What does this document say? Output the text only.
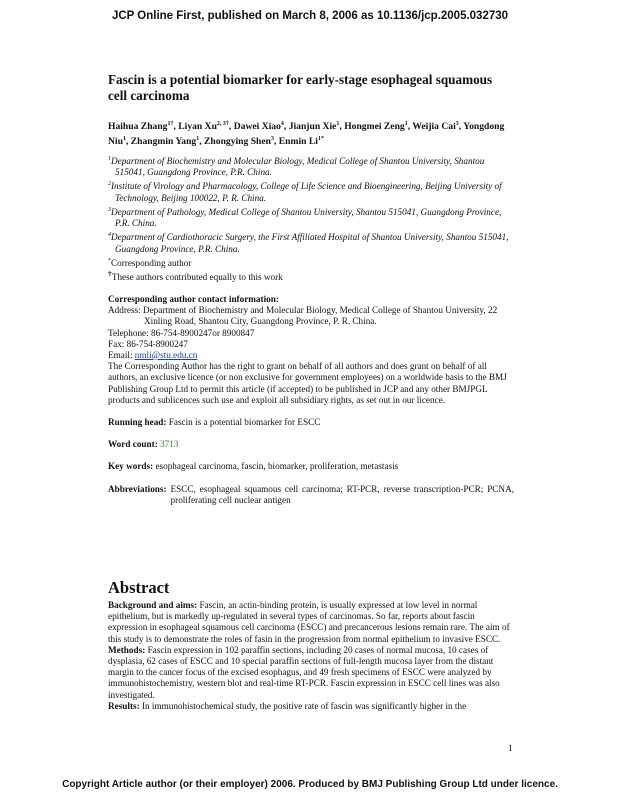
JCP Online First, published on March 8, 2006 as 10.1136/jcp.2005.032730
Fascin is a potential biomarker for early-stage esophageal squamous cell carcinoma
Haihua Zhang$^{1\dagger}$, Liyan $Xu^{2, 3\dagger}$, Dawei Xiao$^4$, Jianjun Xie$^1$, Hongmei Zeng$^1$, Weijia Cai$^3$, Yongdong Niu$^1$, Zhangmin Yang$^1$, Zhongying Shen$^3$, Enmin $Li^{1*}$
$^1$Department of Biochemistry and Molecular Biology, Medical College of Shantou University, Shantou 515041, Guangdong Province, P.R. China.
$^2$Institute of Virology and Pharmacology, College of Life Science and Bioengineering, Beijing University of Technology, Beijing 100022, P. R. China.
$^3$Department of Pathology, Medical College of Shantou University, Shantou 515041, Guangdong Province, P.R. China.
$^4$Department of Cardiothoracic Surgery, the First Affiliated Hospital of Shantou University, Shantou 515041, Guangdong Province, P.R. China.
*Corresponding author
†These authors contributed equally to this work
Corresponding author contact information:
Address: Department of Biochemistry and Molecular Biology, Medical College of Shantou University, 22 Xinling Road, Shantou City, Guangdong Province, P. R. China.
Telephone: 86-754-8900247or 8900847
Fax: 86-754-8900247
Email: nmli@stu.edu.cn
The Corresponding Author has the right to grant on behalf of all authors and does grant on behalf of all authors, an exclusive licence (or non exclusive for government employees) on a worldwide basis to the BMJ Publishing Group Ltd to permit this article (if accepted) to be published in JCP and any other BMJPGL products and sublicences such use and exploit all subsidiary rights, as set out in our licence.
Running head: Fascin is a potential biomarker for ESCC
Word count: 3713
Key words: esophageal carcinoma, fascin, biomarker, proliferation, metastasis
Abbreviations: ESCC, esophageal squamous cell carcinoma; RT-PCR, reverse transcription-PCR; PCNA, proliferating cell nuclear antigen
Abstract
Background and aims: Fascin, an actin-binding protein, is usually expressed at low level in normal epithelium, but is markedly up-regulated in several types of carcinomas. So far, reports about fascin expression in esophageal squamous cell carcinoma (ESCC) and precancerous lesions remain rare. The aim of this study is to demonstrate the roles of fasin in the progression from normal epithelium to invasive ESCC.
Methods: Fascin expression in 102 paraffin sections, including 20 cases of normal mucosa, 10 cases of dysplasia, 62 cases of ESCC and 10 special paraffin sections of full-length mucosa layer from the distant margin to the cancer focus of the excised esophagus, and 49 fresh specimens of ESCC were analyzed by immunohistochemistry, western blot and real-time RT-PCR. Fascin expression in ESCC cell lines was also investigated.
Results: In immunohistochemical study, the positive rate of fascin was significantly higher in the
1
Copyright Article author (or their employer) 2006. Produced by BMJ Publishing Group Ltd under licence.
